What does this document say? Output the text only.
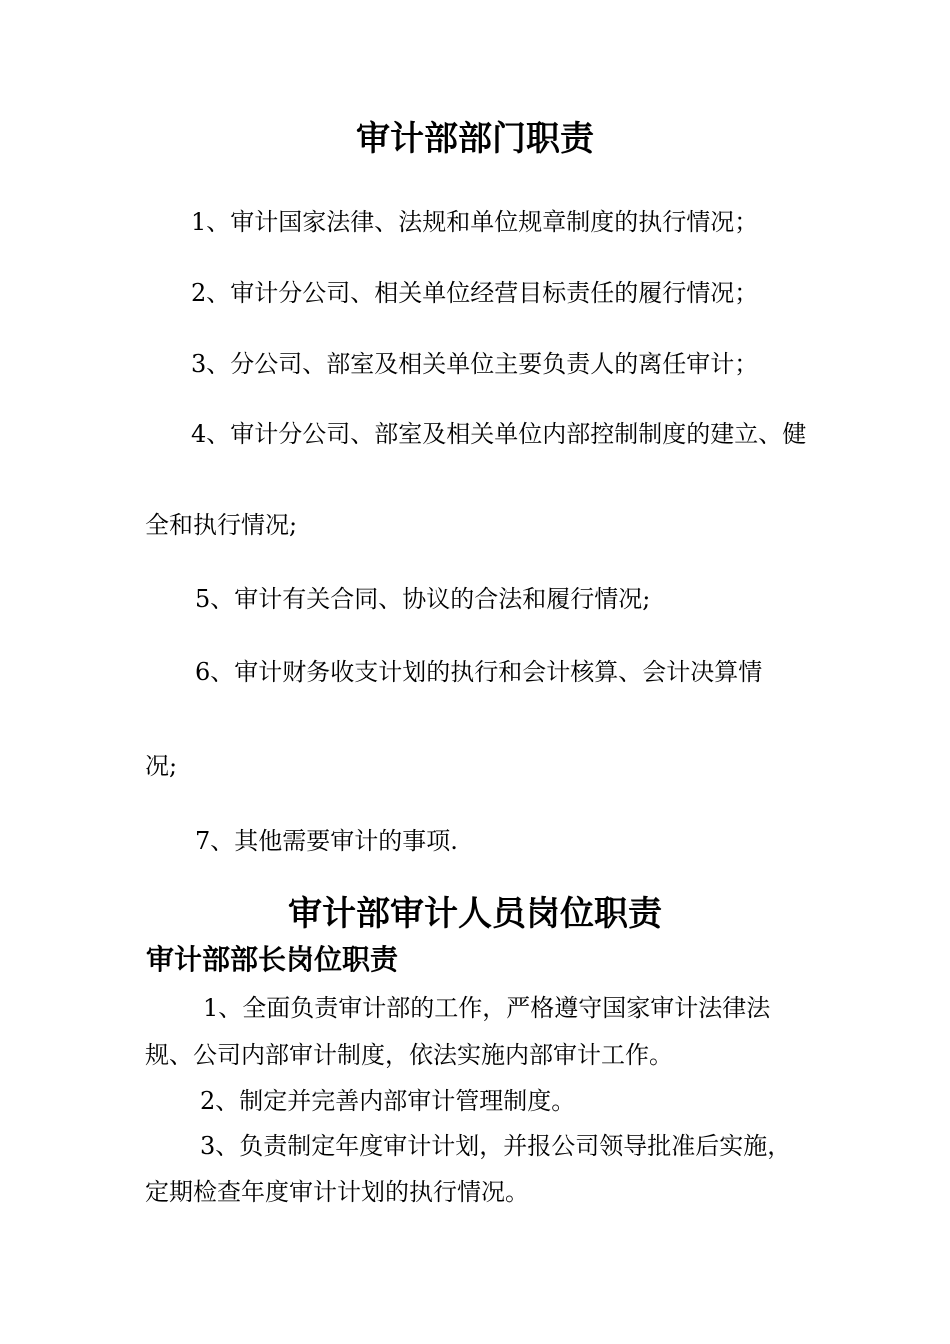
审计部部门职责
1、审计国家法律、法规和单位规章制度的执行情况；
2、审计分公司、相关单位经营目标责任的履行情况；
3、分公司、部室及相关单位主要负责人的离任审计；
4、审计分公司、部室及相关单位内部控制制度的建立、健
全和执行情况;
5、审计有关合同、协议的合法和履行情况;
6、审计财务收支计划的执行和会计核算、会计决算情
况;
7、其他需要审计的事项.
审计部审计人员岗位职责
审计部部长岗位职责
1、全面负责审计部的工作，严格遵守国家审计法律法
规、公司内部审计制度，依法实施内部审计工作。
2、制定并完善内部审计管理制度。
3、负责制定年度审计计划，并报公司领导批准后实施，
定期检查年度审计计划的执行情况。
